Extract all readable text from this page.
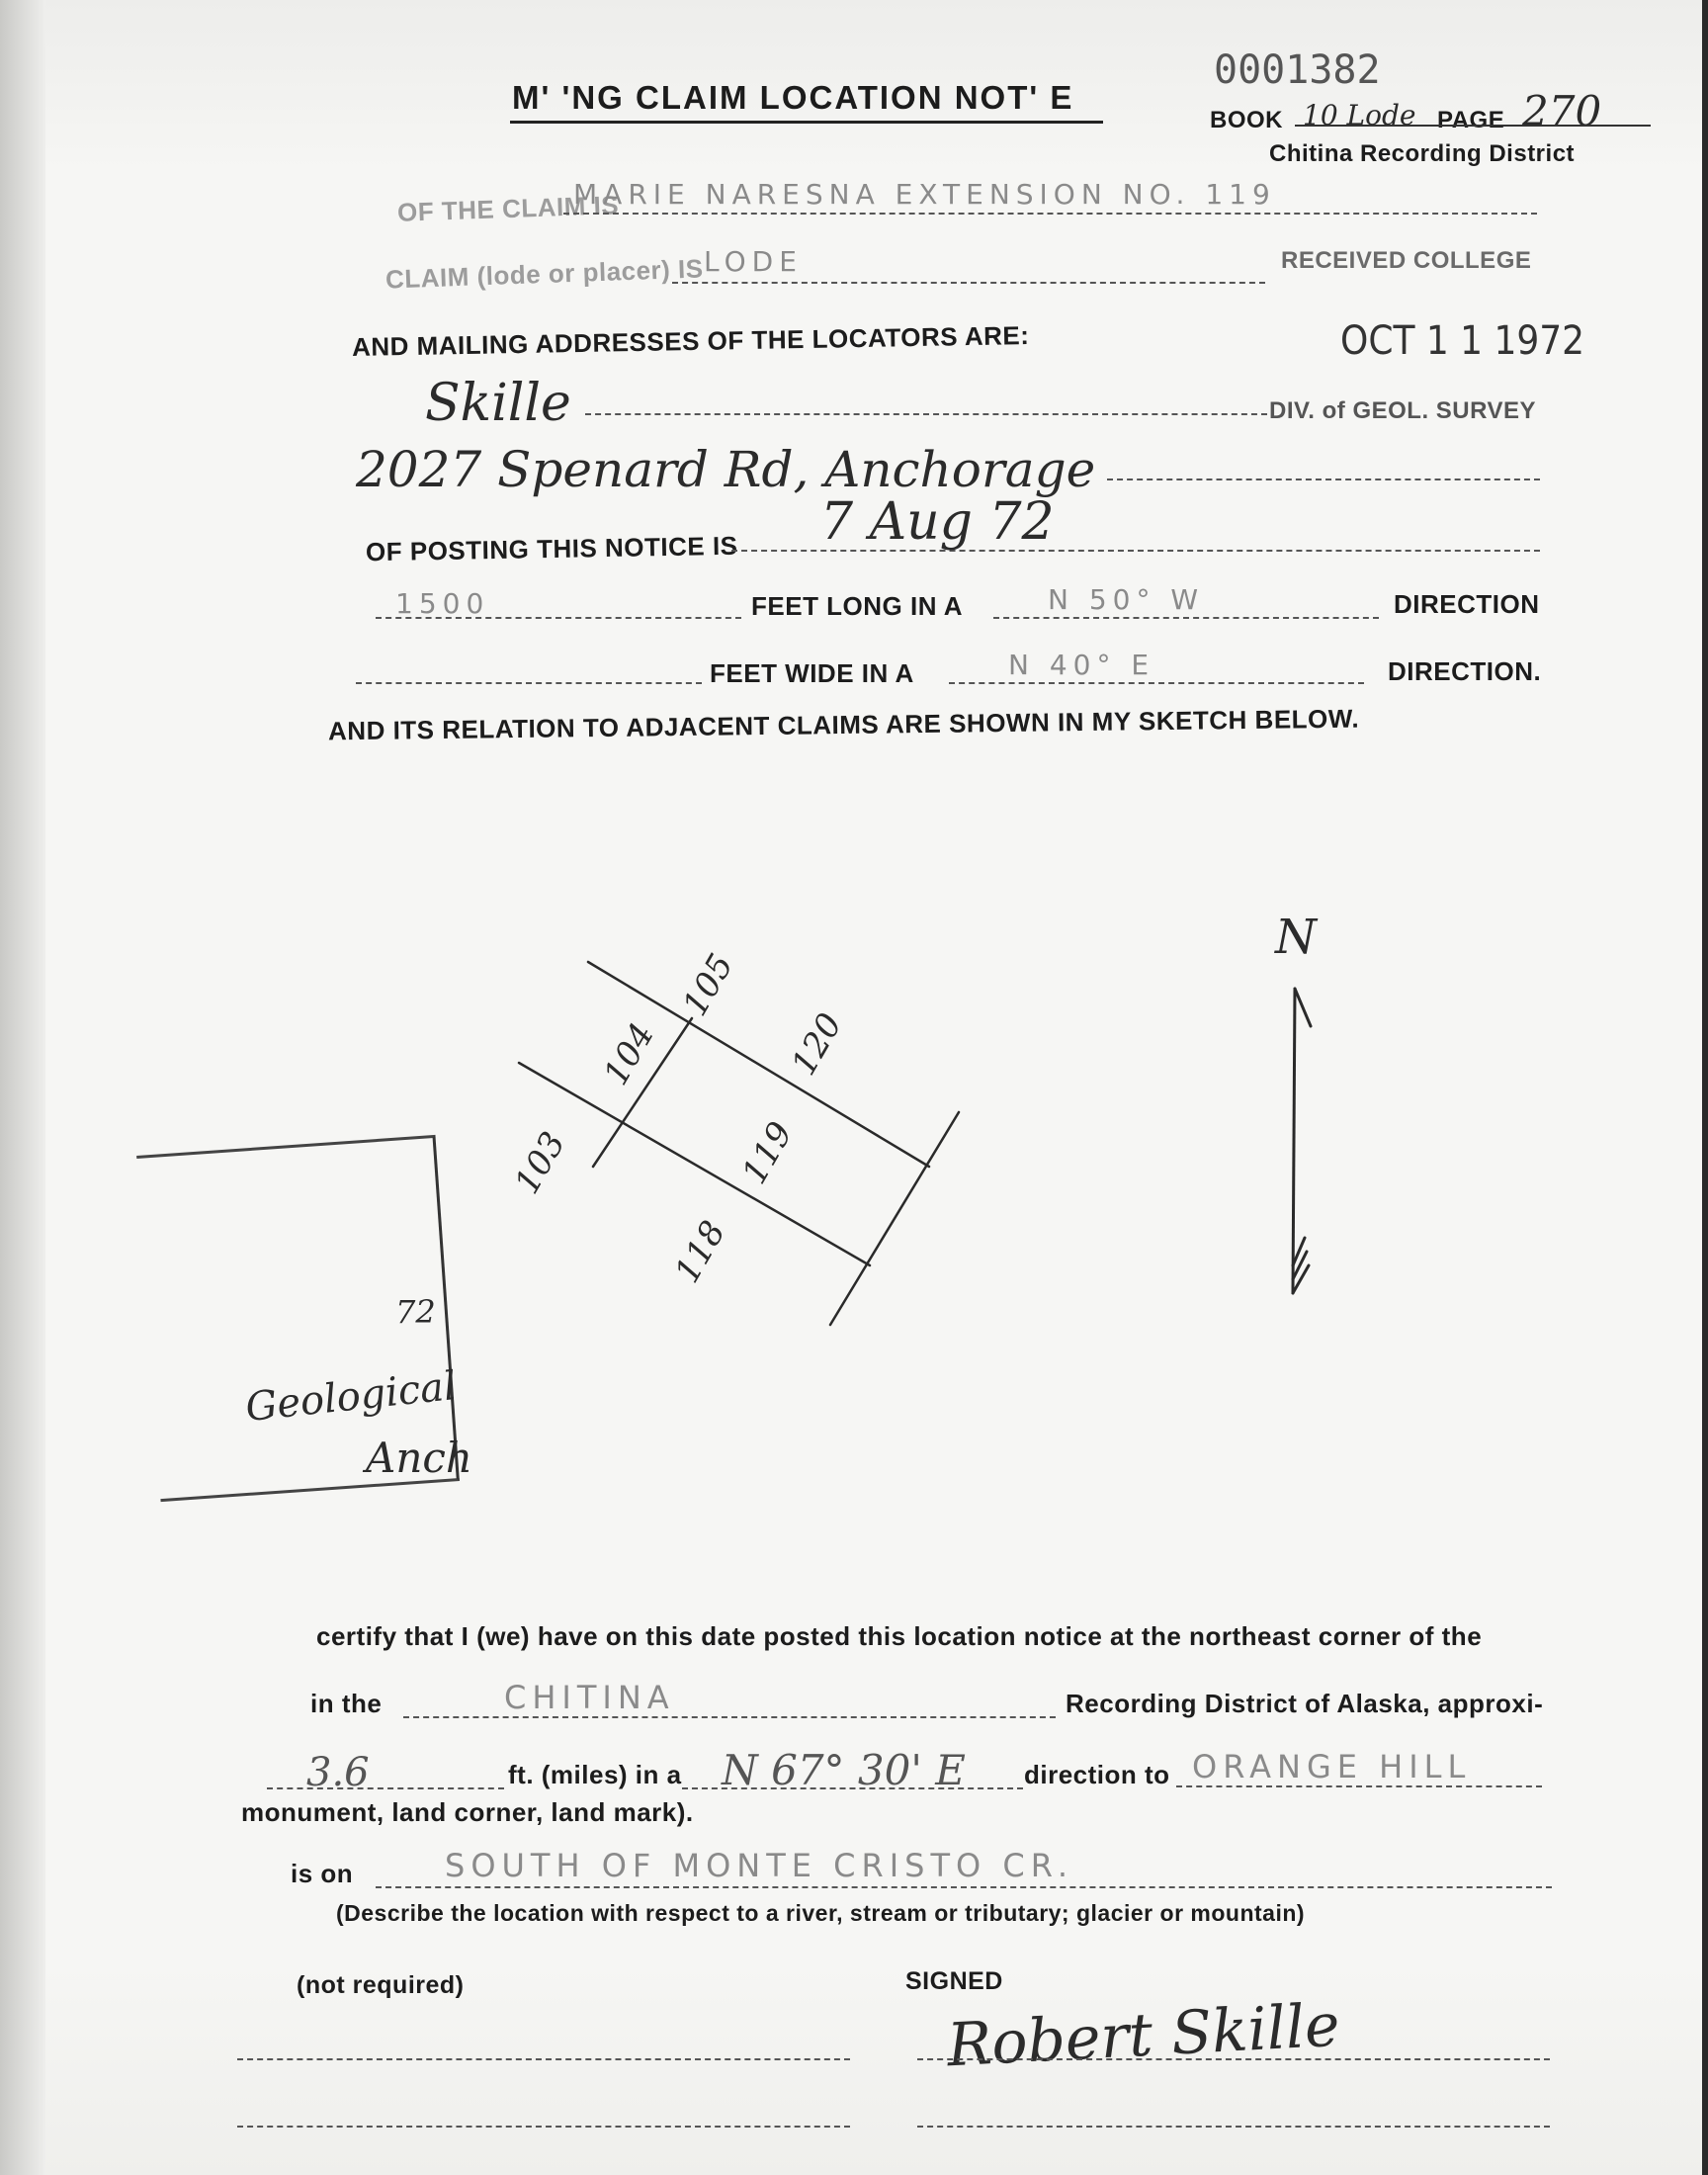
M' 'NG CLAIM LOCATION NOT' E
0001382
BOOK 10 Lode PAGE 270
Chitina Recording District
OF THE CLAIM IS
MARIE NARESNA EXTENSION NO. 119
CLAIM (lode or placer) IS LODE	RECEIVED COLLEGE
AND MAILING ADDRESSES OF THE LOCATORS ARE:	OCT 1 1 1972
Skille	DIV. of GEOL. SURVEY
2027 Spenard Rd, Anchorage
OF POSTING THIS NOTICE IS 7 Aug 72
1500	FEET LONG IN A	N 50° W	DIRECTION
FEET WIDE IN A	N 40° E	DIRECTION.
AND ITS RELATION TO ADJACENT CLAIMS ARE SHOWN IN MY SKETCH BELOW.
103
104
105
120
119
118
N
72
Geological
Anch
certify that I (we) have on this date posted this location notice at the northeast corner of the
in the	CHITINA	Recording District of Alaska, approxi-
3.6	ft. (miles) in a N 67° 30' E direction to ORANGE HILL
monument, land corner, land mark).
is on	SOUTH OF MONTE CRISTO CR.
(Describe the location with respect to a river, stream or tributary; glacier or mountain)
(not required)	SIGNED
Robert Skille
